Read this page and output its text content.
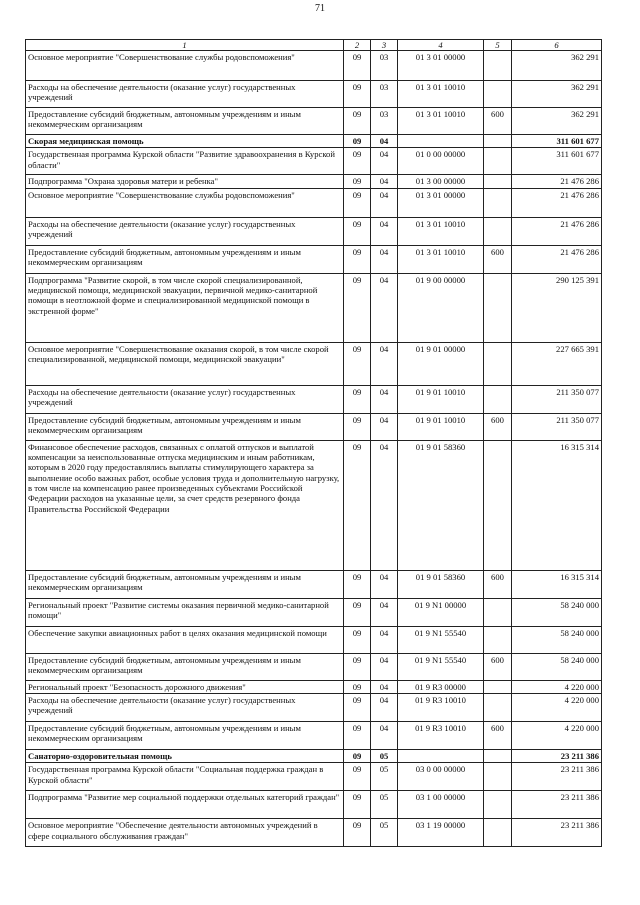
71
1	2	3	4	5	6
Основное мероприятие "Совершенствование службы родовспоможения"	09	03	01 3 01 00000		362 291
Расходы на обеспечение деятельности (оказание услуг) государственных учреждений	09	03	01 3 01 10010		362 291
Предоставление субсидий бюджетным, автономным учреждениям и иным некоммерческим организациям	09	03	01 3 01 10010	600	362 291
Скорая медицинская помощь	09	04			311 601 677
Государственная программа Курской области "Развитие здравоохранения в Курской области"	09	04	01 0 00 00000		311 601 677
Подпрограмма "Охрана здоровья матери и ребенка"	09	04	01 3 00 00000		21 476 286
Основное мероприятие "Совершенствование службы родовспоможения"	09	04	01 3 01 00000		21 476 286
Расходы на обеспечение деятельности (оказание услуг) государственных учреждений	09	04	01 3 01 10010		21 476 286
Предоставление субсидий бюджетным, автономным учреждениям и иным некоммерческим организациям	09	04	01 3 01 10010	600	21 476 286
Подпрограмма "Развитие скорой, в том числе скорой специализированной, медицинской помощи, медицинской эвакуации, первичной медико-санитарной помощи в неотложной форме и специализированной медицинской помощи в экстренной форме"	09	04	01 9 00 00000		290 125 391
Основное мероприятие "Совершенствование оказания скорой, в том числе скорой специализированной, медицинской помощи, медицинской эвакуации"	09	04	01 9 01 00000		227 665 391
Расходы на обеспечение деятельности (оказание услуг) государственных учреждений	09	04	01 9 01 10010		211 350 077
Предоставление субсидий бюджетным, автономным учреждениям и иным некоммерческим организациям	09	04	01 9 01 10010	600	211 350 077
Финансовое обеспечение расходов, связанных с оплатой отпусков и выплатой компенсации за неиспользованные отпуска медицинским и иным работникам, которым в 2020 году предоставлялись выплаты стимулирующего характера за выполнение особо важных работ, особые условия труда и дополнительную нагрузку, в том числе на компенсацию ранее произведенных субъектами Российской Федерации расходов на указанные цели, за счет средств резервного фонда Правительства Российской Федерации	09	04	01 9 01 58360		16 315 314
Предоставление субсидий бюджетным, автономным учреждениям и иным некоммерческим организациям	09	04	01 9 01 58360	600	16 315 314
Региональный проект "Развитие системы оказания первичной медико-санитарной помощи"	09	04	01 9 N1 00000		58 240 000
Обеспечение закупки авиационных работ в целях оказания медицинской помощи	09	04	01 9 N1 55540		58 240 000
Предоставление субсидий бюджетным, автономным учреждениям и иным некоммерческим организациям	09	04	01 9 N1 55540	600	58 240 000
Региональный проект "Безопасность дорожного движения"	09	04	01 9 R3 00000		4 220 000
Расходы на обеспечение деятельности (оказание услуг) государственных учреждений	09	04	01 9 R3 10010		4 220 000
Предоставление субсидий бюджетным, автономным учреждениям и иным некоммерческим организациям	09	04	01 9 R3 10010	600	4 220 000
Санаторно-оздоровительная помощь	09	05			23 211 386
Государственная программа Курской области "Социальная поддержка граждан в Курской области"	09	05	03 0 00 00000		23 211 386
Подпрограмма "Развитие мер социальной поддержки отдельных категорий граждан"	09	05	03 1 00 00000		23 211 386
Основное мероприятие "Обеспечение деятельности автономных учреждений в сфере социального обслуживания граждан"	09	05	03 1 19 00000		23 211 386
